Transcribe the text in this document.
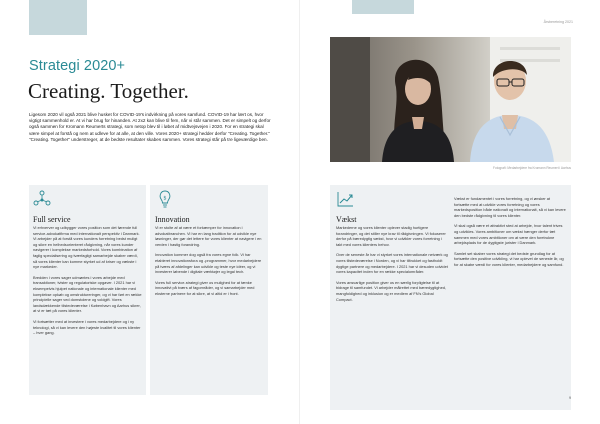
Årsberetning 2021
Strategi 2020+
Creating. Together.
Ligesom 2020 vil også 2021 blive husket for COVID-19's indvirkning på vores samfund. COVID-19 har lært os, hvor vigtigt sammenhold er. At vi har brug for hinanden. At 2x2 kan blive til fem, når vi står sammen. Det er simpelt og derfor også sammen for Kromann Reumerts strategi, som netop blev til i løbet af midtvejsvejen i 2020. For en strategi skal være simpel at forstå og nem at udleve for at alle, at den ville. Vores 2020+ strategi hedder derfor "Creating. Together." "Creating. Together" understreger, at de bedste resultater skabes sammen. Vores strategi står på tre ligeværdige ben.
Fotografi: Medarbejdere fra Kromann Reumert i Aarhus
$
Full service	Innovation	Vækst

Vi erhverver og udbygger vores position som det førende full service-advokatfirma med internationalt perspektiv i Danmark. Vi arbejder på at forstå vores kunders forretning bedst muligt og sikre en helhedsorienteret rådgivning, når vores kunder navigerer i komplekse markedsforhold. Vores kombination af faglig specialisering og tværfagligt samarbejde skaber værdi, så vores klienter kan komme styrket ud af kriser og vækste i nye markeder.

Bredden i vores sager udmøntes i vores arbejde med transaktioner, tvister og regulatoriske opgaver. I 2021 har vi eksempelvis hjulpet nationale og internationale klienter med komplekse opkøb og omstruktureringer, og vi har ført en række principielle sager ved domstolene og voldgift. Vores landsdækkende tilstedeværelse i København og Aarhus sikrer, at vi er tæt på vores klienter.

Vi fortsætter med at investere i vores medarbejdere og i ny teknologi, så vi kan levere den højeste kvalitet til vores klienter – hver gang.

Vi er stolte af at være et forkæmper for innovation i advokatbranchen. Vi har en lang tradition for at udvikle nye løsninger, der gør det lettere for vores klienter at navigere i en verden i hastig forandring.

Innovation kommer dog også fra vores egne folk. Vi har etableret innovationsfora og -programmer, hvor medarbejdere på tværs af afdelinger kan udvikle og teste nye idéer, og vi investerer løbende i digitale værktøjer og legal tech.

Vores full service-strategi giver os mulighed for at tænke innovativt på tværs af fagområder, og vi samarbejder med eksterne partnere for at sikre, at vi altid er i front.

Markederne og vores klienter oplever stadig hurtigere forandringer, og det stiller nye krav til rådgivningen. Vi fokuserer derfor på bæredygtig vækst, hvor vi udvikler vores forretning i takt med vores klienters behov.

Over de seneste år har vi styrket vores internationale netværk og vores tilstedeværelse i Norden, og vi har tiltrukket og fastholdt dygtige partnere og medarbejdere. I 2021 har vi desuden udvidet vores kapacitet inden for en række specialområder.

Vores ansvarlige position giver os en særlig forpligtelse til at bidrage til samfundet. Vi arbejder målrettet med bæredygtighed, mangfoldighed og inklusion og er medlem af FN's Global Compact.

Vækst er fundamentet i vores forretning, og vi ønsker at fortsætte med at udvikle vores forretning og vores markedsposition både nationalt og internationalt, så vi kan levere den bedste rådgivning til vores klienter.

Vi skal også være et attraktivt sted at arbejde, hvor talent trives og udvikles. Vores ambitioner om vækst hænger derfor tæt sammen med vores ambitioner om at være den foretrukne arbejdsplads for de dygtigste jurister i Danmark.

Samlet set skaber vores strategi det bedste grundlag for at fortsætte den positive udvikling, vi har oplevet de seneste år, og for at skabe værdi for vores klienter, medarbejdere og samfund.

9
